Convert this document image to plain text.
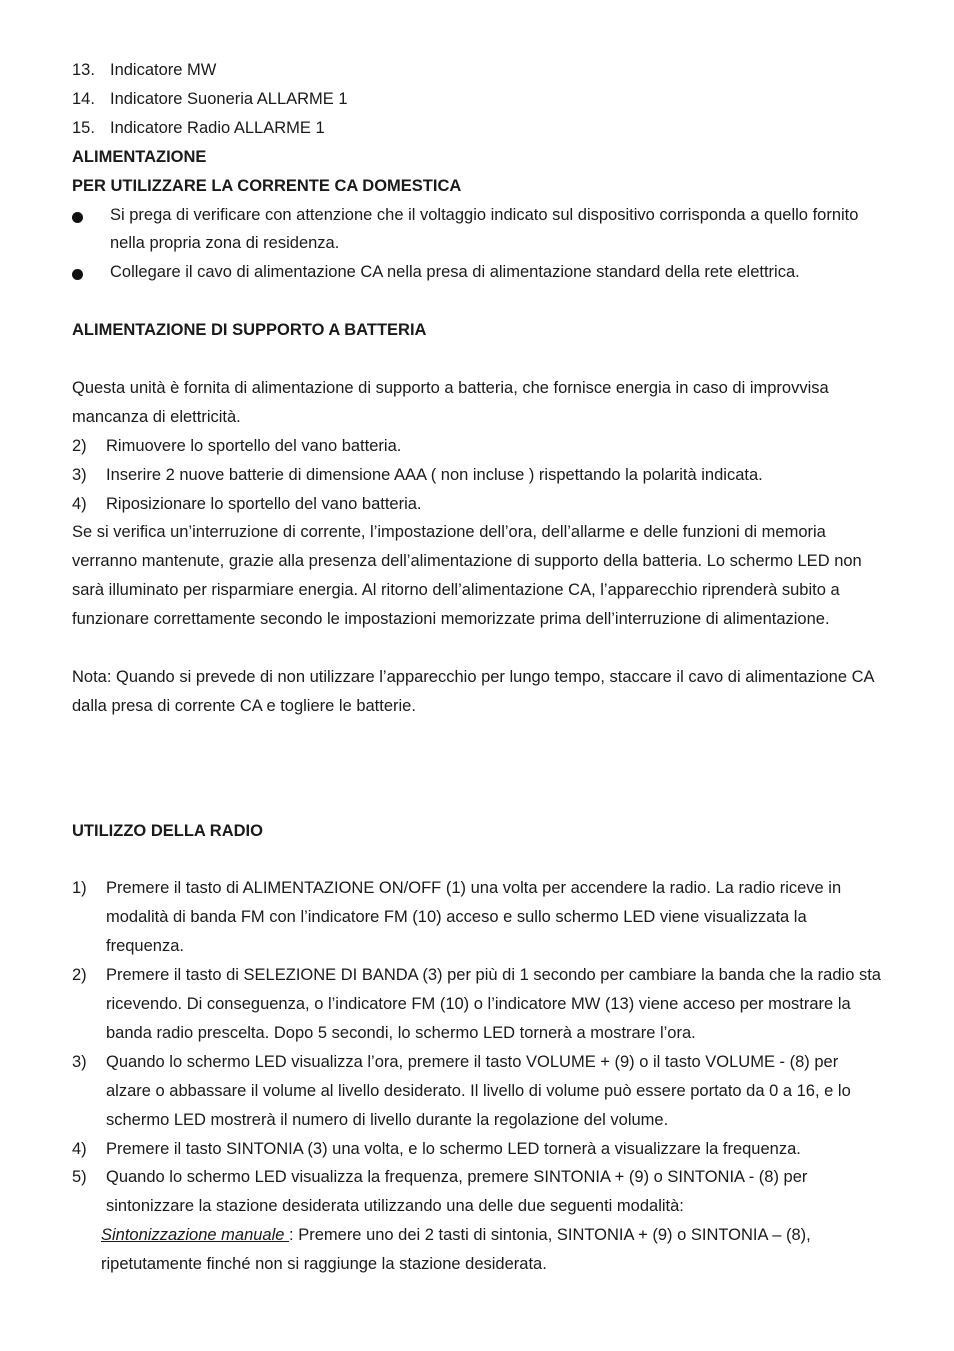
13. Indicatore MW
14. Indicatore Suoneria ALLARME 1
15. Indicatore Radio ALLARME 1
ALIMENTAZIONE
PER UTILIZZARE LA CORRENTE CA DOMESTICA
Si prega di verificare con attenzione che il voltaggio indicato sul dispositivo corrisponda a quello fornito nella propria zona di residenza.
Collegare il cavo di alimentazione CA nella presa di alimentazione standard della rete elettrica.
ALIMENTAZIONE DI SUPPORTO A BATTERIA
Questa unità è fornita di alimentazione di supporto a batteria, che fornisce energia in caso di improvvisa mancanza di elettricità.
2)	Rimuovere lo sportello del vano batteria.
3)	Inserire 2 nuove batterie di dimensione AAA ( non incluse ) rispettando la polarità indicata.
4)	Riposizionare lo sportello del vano batteria.
Se si verifica un’interruzione di corrente, l’impostazione dell’ora, dell’allarme e delle funzioni di memoria verranno mantenute, grazie alla presenza dell’alimentazione di supporto della batteria. Lo schermo LED non sarà illuminato per risparmiare energia. Al ritorno dell’alimentazione CA, l’apparecchio riprenderà subito a funzionare correttamente secondo le impostazioni memorizzate prima dell’interruzione di alimentazione.
Nota: Quando si prevede di non utilizzare l’apparecchio per lungo tempo, staccare il cavo di alimentazione CA dalla presa di corrente CA e togliere le batterie.
UTILIZZO DELLA RADIO
1)	Premere il tasto di ALIMENTAZIONE ON/OFF (1) una volta per accendere la radio. La radio riceve in modalità di banda FM con l’indicatore FM (10) acceso e sullo schermo LED viene visualizzata la frequenza.
2)	Premere il tasto di SELEZIONE DI BANDA (3) per più di 1 secondo per cambiare la banda che la radio sta ricevendo. Di conseguenza, o l’indicatore FM (10) o l’indicatore MW (13) viene acceso per mostrare la banda radio prescelta. Dopo 5 secondi, lo schermo LED tornerà a mostrare l’ora.
3)	Quando lo schermo LED visualizza l’ora, premere il tasto VOLUME + (9) o il tasto VOLUME - (8) per alzare o abbassare il volume al livello desiderato. Il livello di volume può essere portato da 0 a 16, e lo schermo LED mostrerà il numero di livello durante la regolazione del volume.
4)	Premere il tasto SINTONIA (3) una volta, e lo schermo LED tornerà a visualizzare la frequenza.
5)	Quando lo schermo LED visualizza la frequenza, premere SINTONIA + (9) o SINTONIA - (8) per sintonizzare la stazione desiderata utilizzando una delle due seguenti modalità:
Sintonizzazione manuale : Premere uno dei 2 tasti di sintonia, SINTONIA + (9) o SINTONIA – (8), ripetutamente finché non si raggiunge la stazione desiderata.
